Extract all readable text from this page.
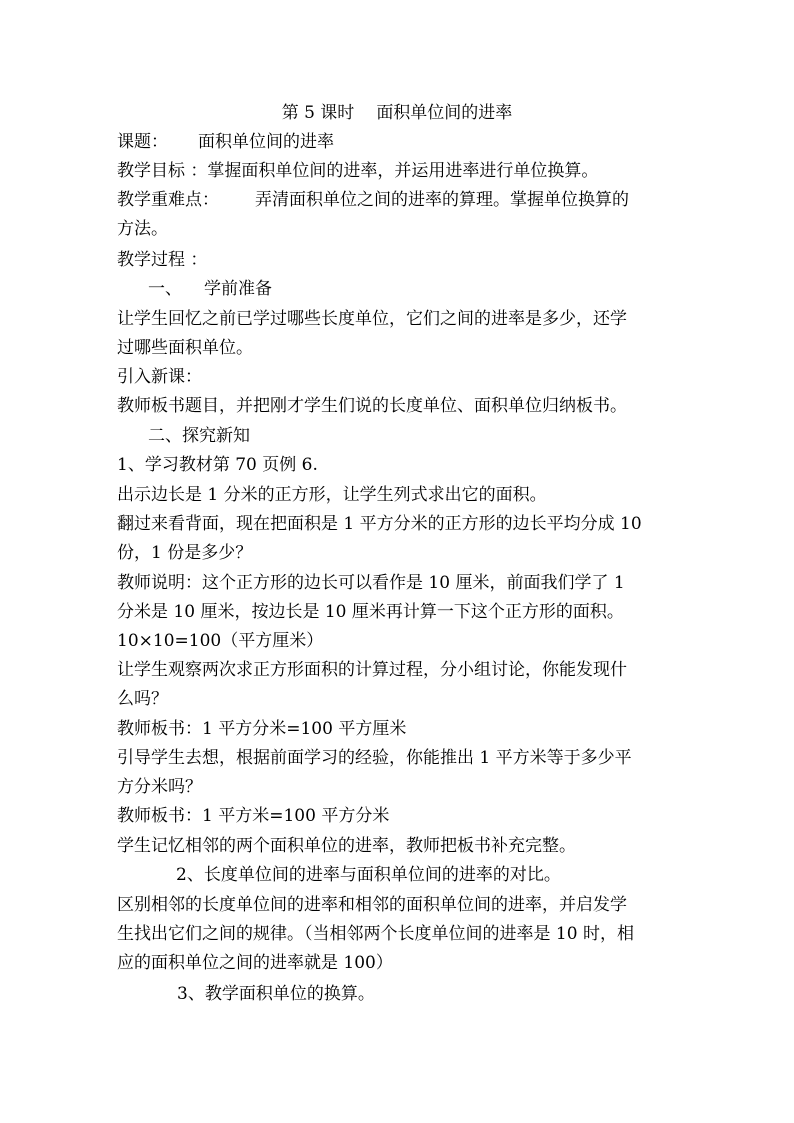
第 5 课时 面积单位间的进率
课题： 面积单位间的进率
教学目标 ：掌握面积单位间的进率，并运用进率进行单位换算。
教学重难点： 弄清面积单位之间的进率的算理。掌握单位换算的
方法。
教学过程 ：
一、 学前准备
让学生回忆之前已学过哪些长度单位，它们之间的进率是多少，还学
过哪些面积单位。
引入新课：
教师板书题目，并把刚才学生们说的长度单位、面积单位归纳板书。
二、探究新知
1、学习教材第 70 页例 6.
出示边长是 1 分米的正方形，让学生列式求出它的面积。
翻过来看背面，现在把面积是 1 平方分米的正方形的边长平均分成 10
份，1 份是多少？
教师说明：这个正方形的边长可以看作是 10 厘米，前面我们学了 1
分米是 10 厘米，按边长是 10 厘米再计算一下这个正方形的面积。
10×10=100（平方厘米）
让学生观察两次求正方形面积的计算过程，分小组讨论，你能发现什
么吗？
教师板书：1 平方分米=100 平方厘米
引导学生去想，根据前面学习的经验，你能推出 1 平方米等于多少平
方分米吗？
教师板书：1 平方米=100 平方分米
学生记忆相邻的两个面积单位的进率，教师把板书补充完整。
2、长度单位间的进率与面积单位间的进率的对比。
区别相邻的长度单位间的进率和相邻的面积单位间的进率，并启发学
生找出它们之间的规律。（当相邻两个长度单位间的进率是 10 时，相
应的面积单位之间的进率就是 100）
3、教学面积单位的换算。
